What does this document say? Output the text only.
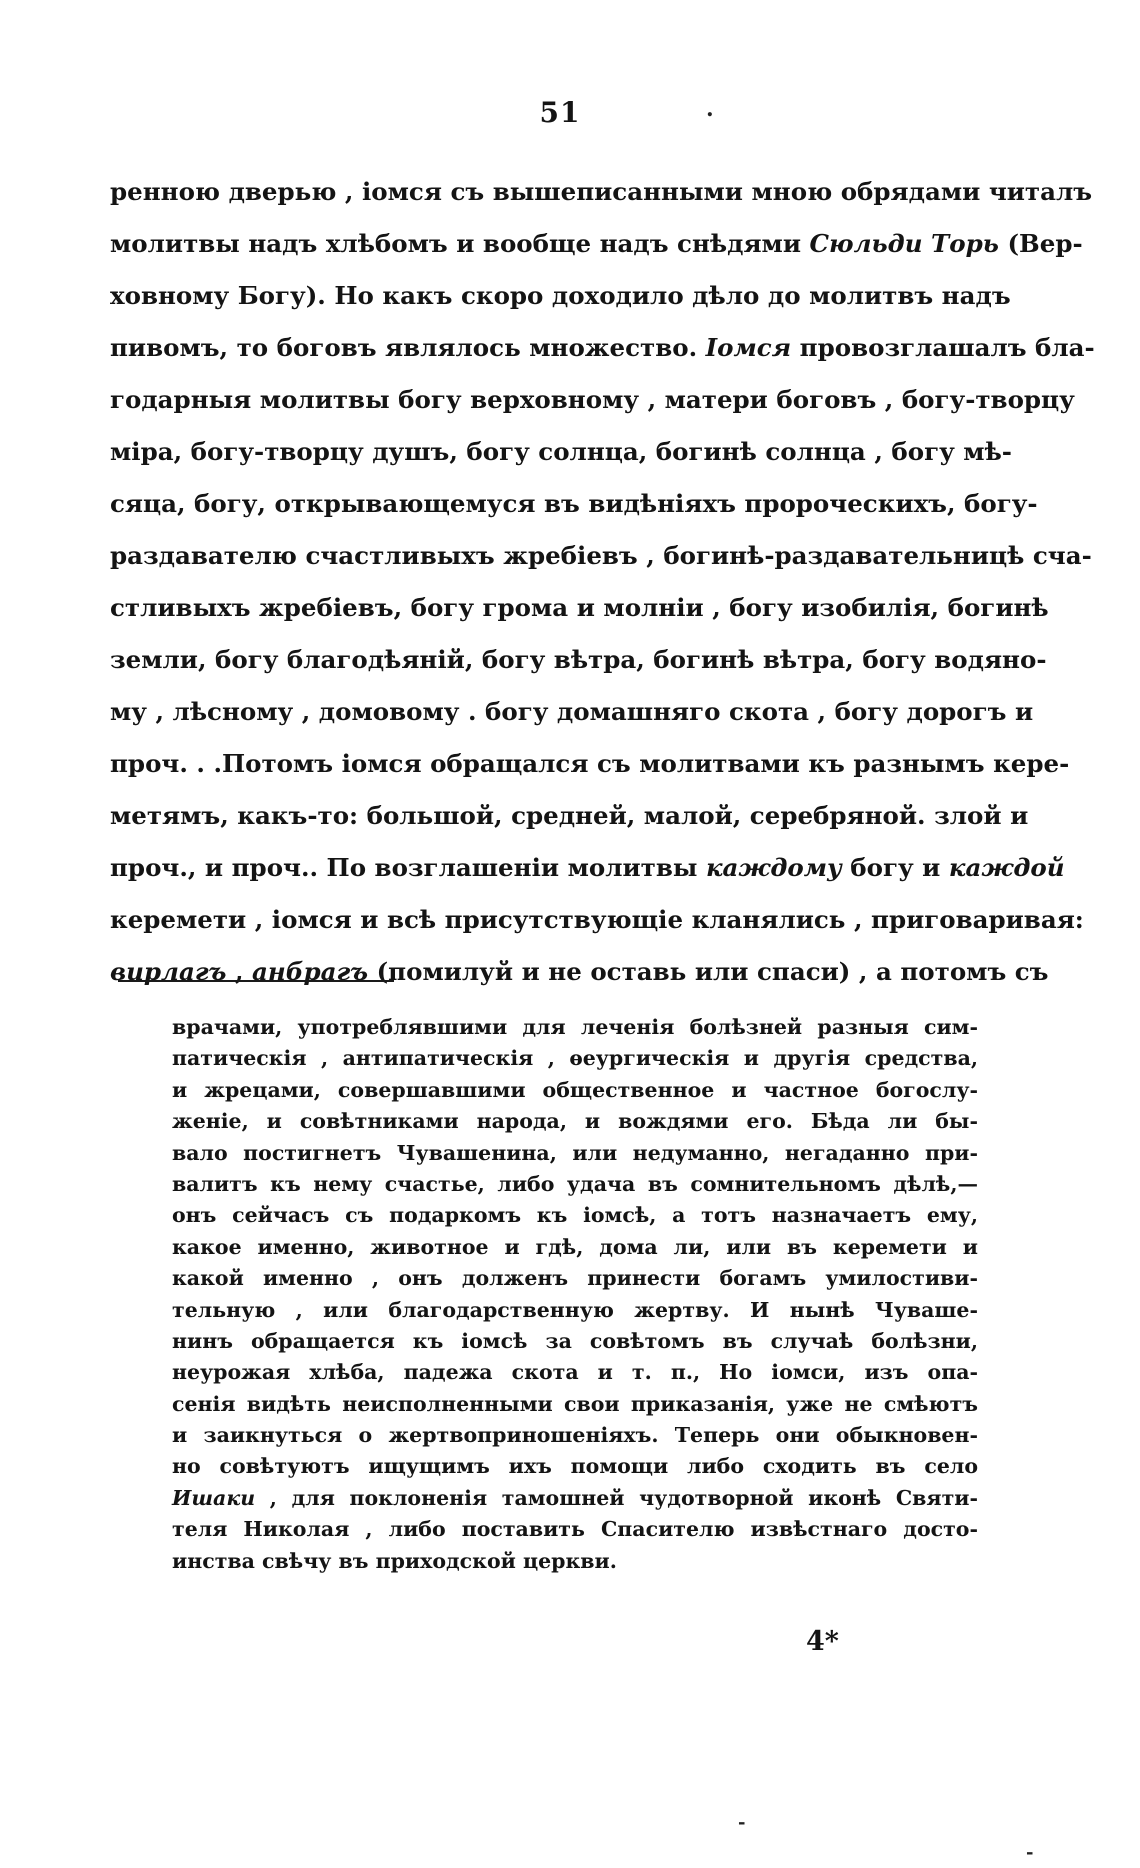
51	.
-
-
ренною дверью , іомся съ вышеписанными мною обрядами читалъ
молитвы надъ хлѣбомъ и вообще надъ снѣдями Сюльди Торь (Вер-
ховному Богу). Но какъ скоро доходило дѣло до молитвъ надъ
пивомъ, то боговъ являлось множество. Іомся провозглашалъ бла-
годарныя молитвы богу верховному , матери боговъ , богу-творцу
міра, богу-творцу душъ, богу солнца, богинѣ солнца , богу мѣ-
сяца, богу, открывающемуся въ видѣніяхъ пророческихъ, богу-
раздавателю счастливыхъ жребіевъ , богинѣ-раздавательницѣ сча-
стливыхъ жребіевъ, богу грома и молніи , богу изобилія, богинѣ
земли, богу благодѣяній, богу вѣтра, богинѣ вѣтра, богу водяно-
му , лѣсному , домовому . богу домашняго скота , богу дорогъ и
проч. . .Потомъ іомся обращался съ молитвами къ разнымъ кере-
метямъ, какъ-то: большой, средней, малой, серебряной. злой и
проч., и проч.. По возглашеніи молитвы каждому богу и каждой
керемети , іомся и всѣ присутствующіе кланялись , приговаривая:
вирлагъ , анбрагъ (помилуй и не оставь или спаси) , а потомъ съ
врачами, употреблявшими для леченія болѣзней разныя сим-
патическія , антипатическія , ѳеургическія и другія средства,
и жрецами, совершавшими общественное и частное богослу-
женіе, и совѣтниками народа, и вождями его. Бѣда ли бы-
вало постигнетъ Чувашенина, или недуманно, негаданно при-
валитъ къ нему счастье, либо удача въ сомнительномъ дѣлѣ,—
онъ сейчасъ съ подаркомъ къ іомсѣ, а тотъ назначаетъ ему,
какое именно, животное и гдѣ, дома ли, или въ керемети и
какой именно , онъ долженъ принести богамъ умилостиви-
тельную , или благодарственную жертву. И нынѣ Чуваше-
нинъ обращается къ іомсѣ за совѣтомъ въ случаѣ болѣзни,
неурожая хлѣба, падежа скота и т. п., Но іомси, изъ опа-
сенія видѣть неисполненными свои приказанія, уже не смѣютъ
и заикнуться о жертвоприношеніяхъ. Теперь они обыкновен-
но совѣтуютъ ищущимъ ихъ помощи либо сходить въ село
Ишаки , для поклоненія тамошней чудотворной иконѣ Святи-
теля Николая , либо поставить Спасителю извѣстнаго досто-
инства свѣчу въ приходской церкви.
4*
